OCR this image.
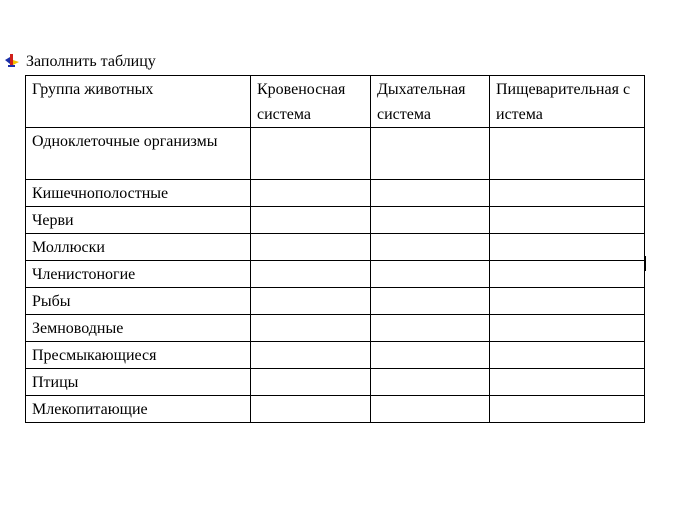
Заполнить таблицу
Группа животных	Кровеносная система	Дыхательная система	Пищеварительная система
Одноклеточные организмы			
Кишечнополостные			
Черви			
Моллюски			
Членистоногие			
Рыбы			
Земноводные			
Пресмыкающиеся			
Птицы			
Млекопитающие			
